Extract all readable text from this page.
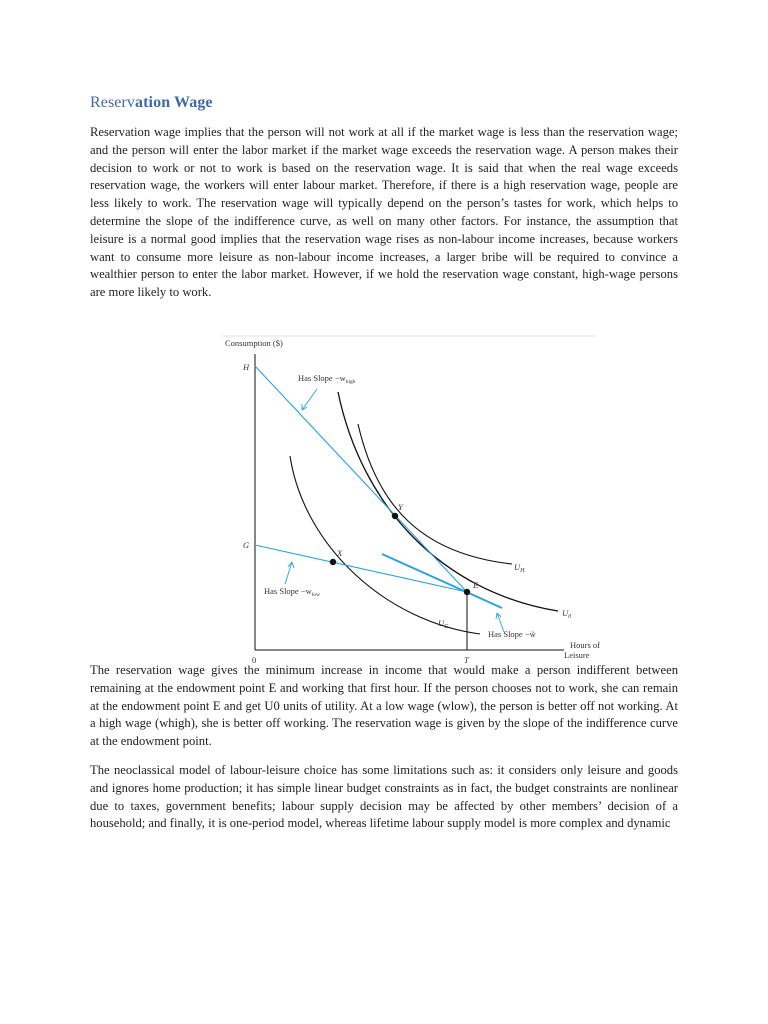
Reservation Wage

Reservation wage implies that the person will not work at all if the market wage is less than the reservation wage; and the person will enter the labor market if the market wage exceeds the reservation wage. A person makes their decision to work or not to work is based on the reservation wage. It is said that when the real wage exceeds reservation wage, the workers will enter labour market. Therefore, if there is a high reservation wage, people are less likely to work. The reservation wage will typically depend on the person’s tastes for work, which helps to determine the slope of the indifference curve, as well on many other factors. For instance, the assumption that leisure is a normal good implies that the reservation wage rises as non-labour income increases, because workers want to consume more leisure as non-labour income increases, a larger bribe will be required to convince a wealthier person to enter the labor market. However, if we hold the reservation wage constant, high-wage persons are more likely to work.

Consumption ($)
H
G
0	T
Hours of
Leisure
Y
X
E
$U_H$
$U_0$
$U_G$
Has Slope $-w_{high}$
Has Slope $-w_{low}$
Has Slope −w̃

The reservation wage gives the minimum increase in income that would make a person indifferent between remaining at the endowment point E and working that first hour. If the person chooses not to work, she can remain at the endowment point E and get U0 units of utility. At a low wage (wlow), the person is better off not working. At a high wage (whigh), she is better off working. The reservation wage is given by the slope of the indifference curve at the endowment point.

The neoclassical model of labour-leisure choice has some limitations such as: it considers only leisure and goods and ignores home production; it has simple linear budget constraints as in fact, the budget constraints are nonlinear due to taxes, government benefits; labour supply decision may be affected by other members’ decision of a household; and finally, it is one-period model, whereas lifetime labour supply model is more complex and dynamic
